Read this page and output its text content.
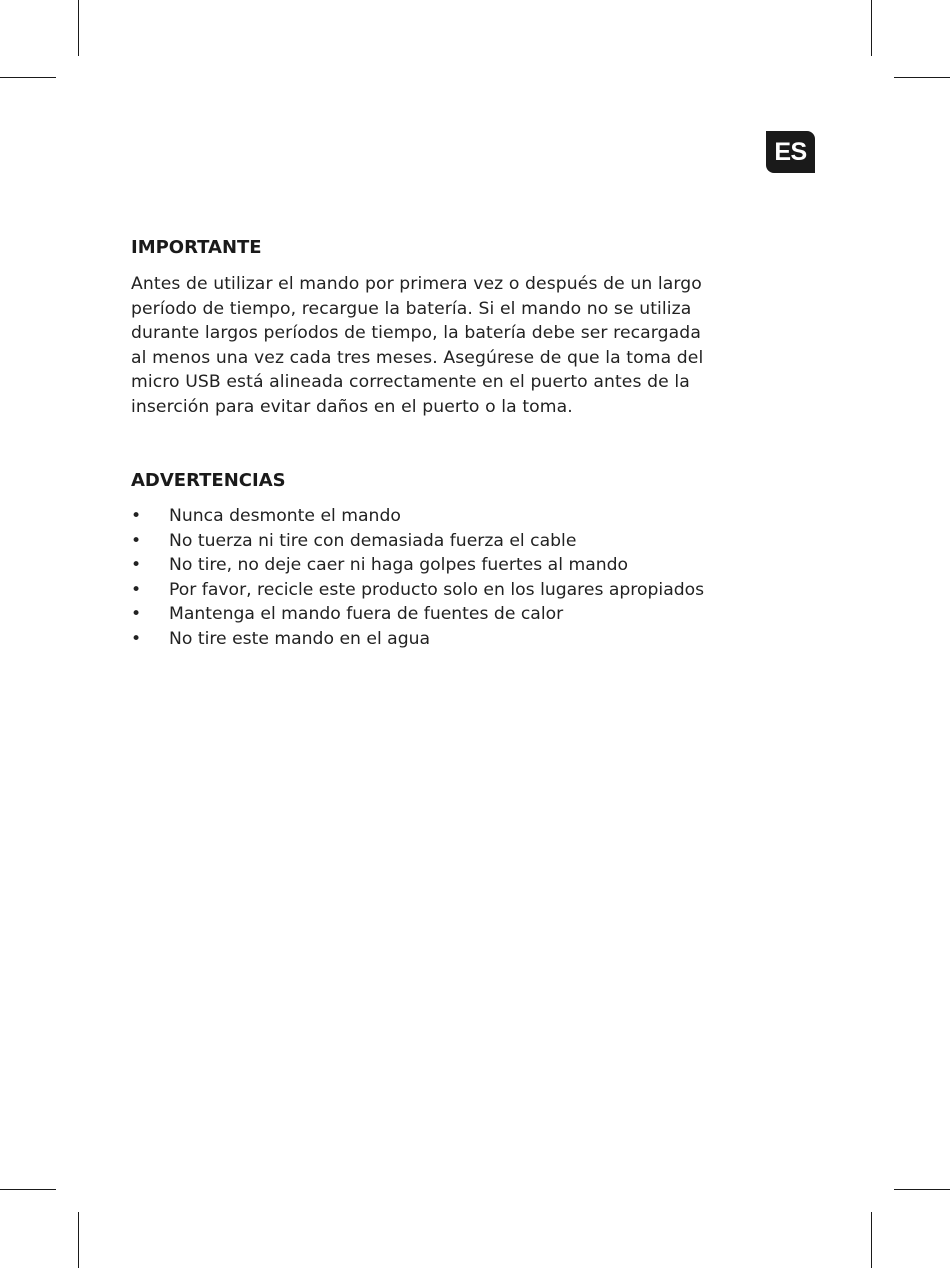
ES
IMPORTANTE

Antes de utilizar el mando por primera vez o después de un largo
período de tiempo, recargue la batería. Si el mando no se utiliza
durante largos períodos de tiempo, la batería debe ser recargada
al menos una vez cada tres meses. Asegúrese de que la toma del
micro USB está alineada correctamente en el puerto antes de la
inserción para evitar daños en el puerto o la toma.

ADVERTENCIAS
• Nunca desmonte el mando
• No tuerza ni tire con demasiada fuerza el cable
• No tire, no deje caer ni haga golpes fuertes al mando
• Por favor, recicle este producto solo en los lugares apropiados
• Mantenga el mando fuera de fuentes de calor
• No tire este mando en el agua
